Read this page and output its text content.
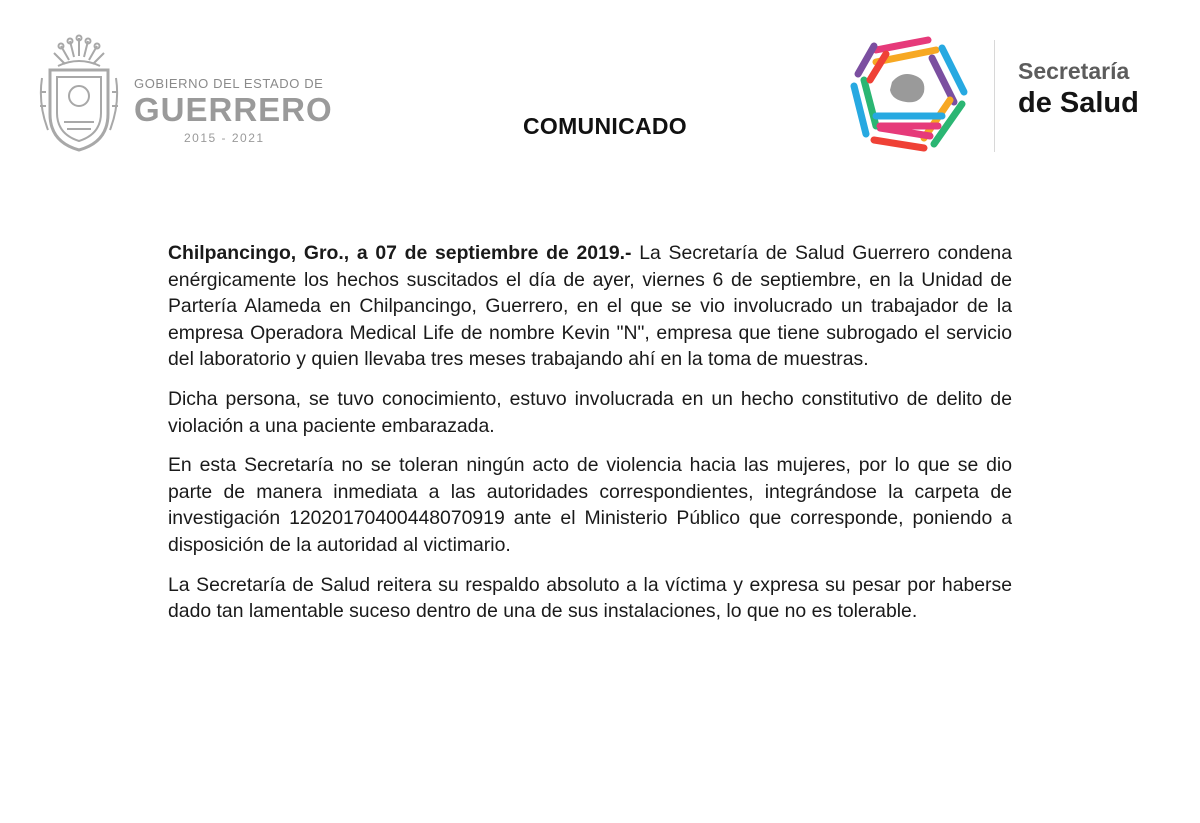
GOBIERNO DEL ESTADO DE
GUERRERO
2015 - 2021	COMUNICADO
Secretaría
de Salud

Chilpancingo, Gro., a 07 de septiembre de 2019.- La Secretaría de Salud Guerrero condena enérgicamente los hechos suscitados el día de ayer, viernes 6 de septiembre, en la Unidad de Partería Alameda en Chilpancingo, Guerrero, en el que se vio involucrado un trabajador de la empresa Operadora Medical Life de nombre Kevin "N", empresa que tiene subrogado el servicio del laboratorio y quien llevaba tres meses trabajando ahí en la toma de muestras.

Dicha persona, se tuvo conocimiento, estuvo involucrada en un hecho constitutivo de delito de violación a una paciente embarazada.

En esta Secretaría no se toleran ningún acto de violencia hacia las mujeres, por lo que se dio parte de manera inmediata a las autoridades correspondientes, integrándose la carpeta de investigación 12020170400448070919 ante el Ministerio Público que corresponde, poniendo a disposición de la autoridad al victimario.

La Secretaría de Salud reitera su respaldo absoluto a la víctima y expresa su pesar por haberse dado tan lamentable suceso dentro de una de sus instalaciones, lo que no es tolerable.
